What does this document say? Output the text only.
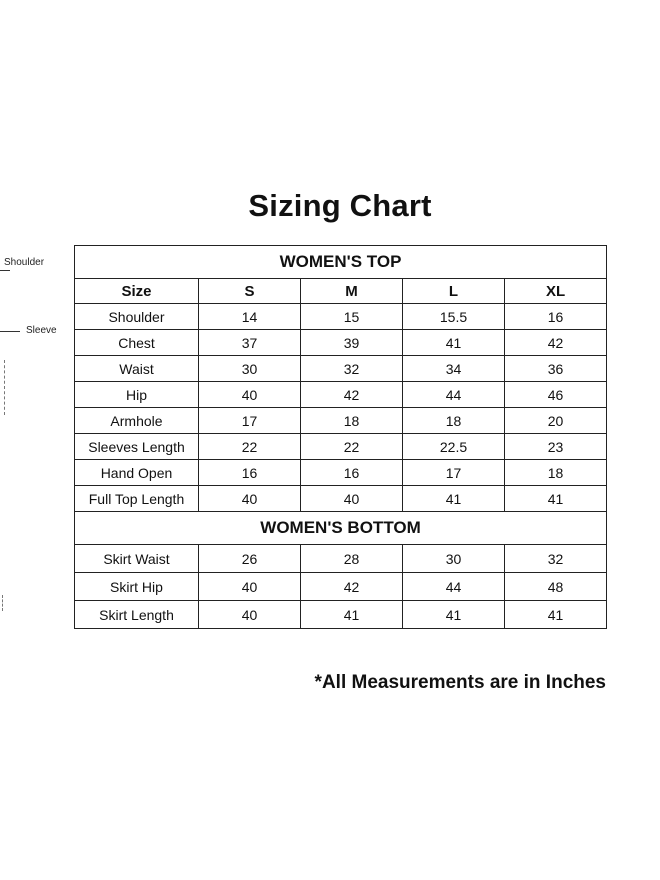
Shoulder
Sleeve
Sizing Chart
WOMEN'S TOP				
Size	S	M	L	XL
Shoulder	14	15	15.5	16
Chest	37	39	41	42
Waist	30	32	34	36
Hip	40	42	44	46
Armhole	17	18	18	20
Sleeves Length	22	22	22.5	23
Hand Open	16	16	17	18
Full Top Length	40	40	41	41
WOMEN'S BOTTOM				
Skirt Waist	26	28	30	32
Skirt Hip	40	42	44	48
Skirt Length	40	41	41	41
*All Measurements are in Inches
